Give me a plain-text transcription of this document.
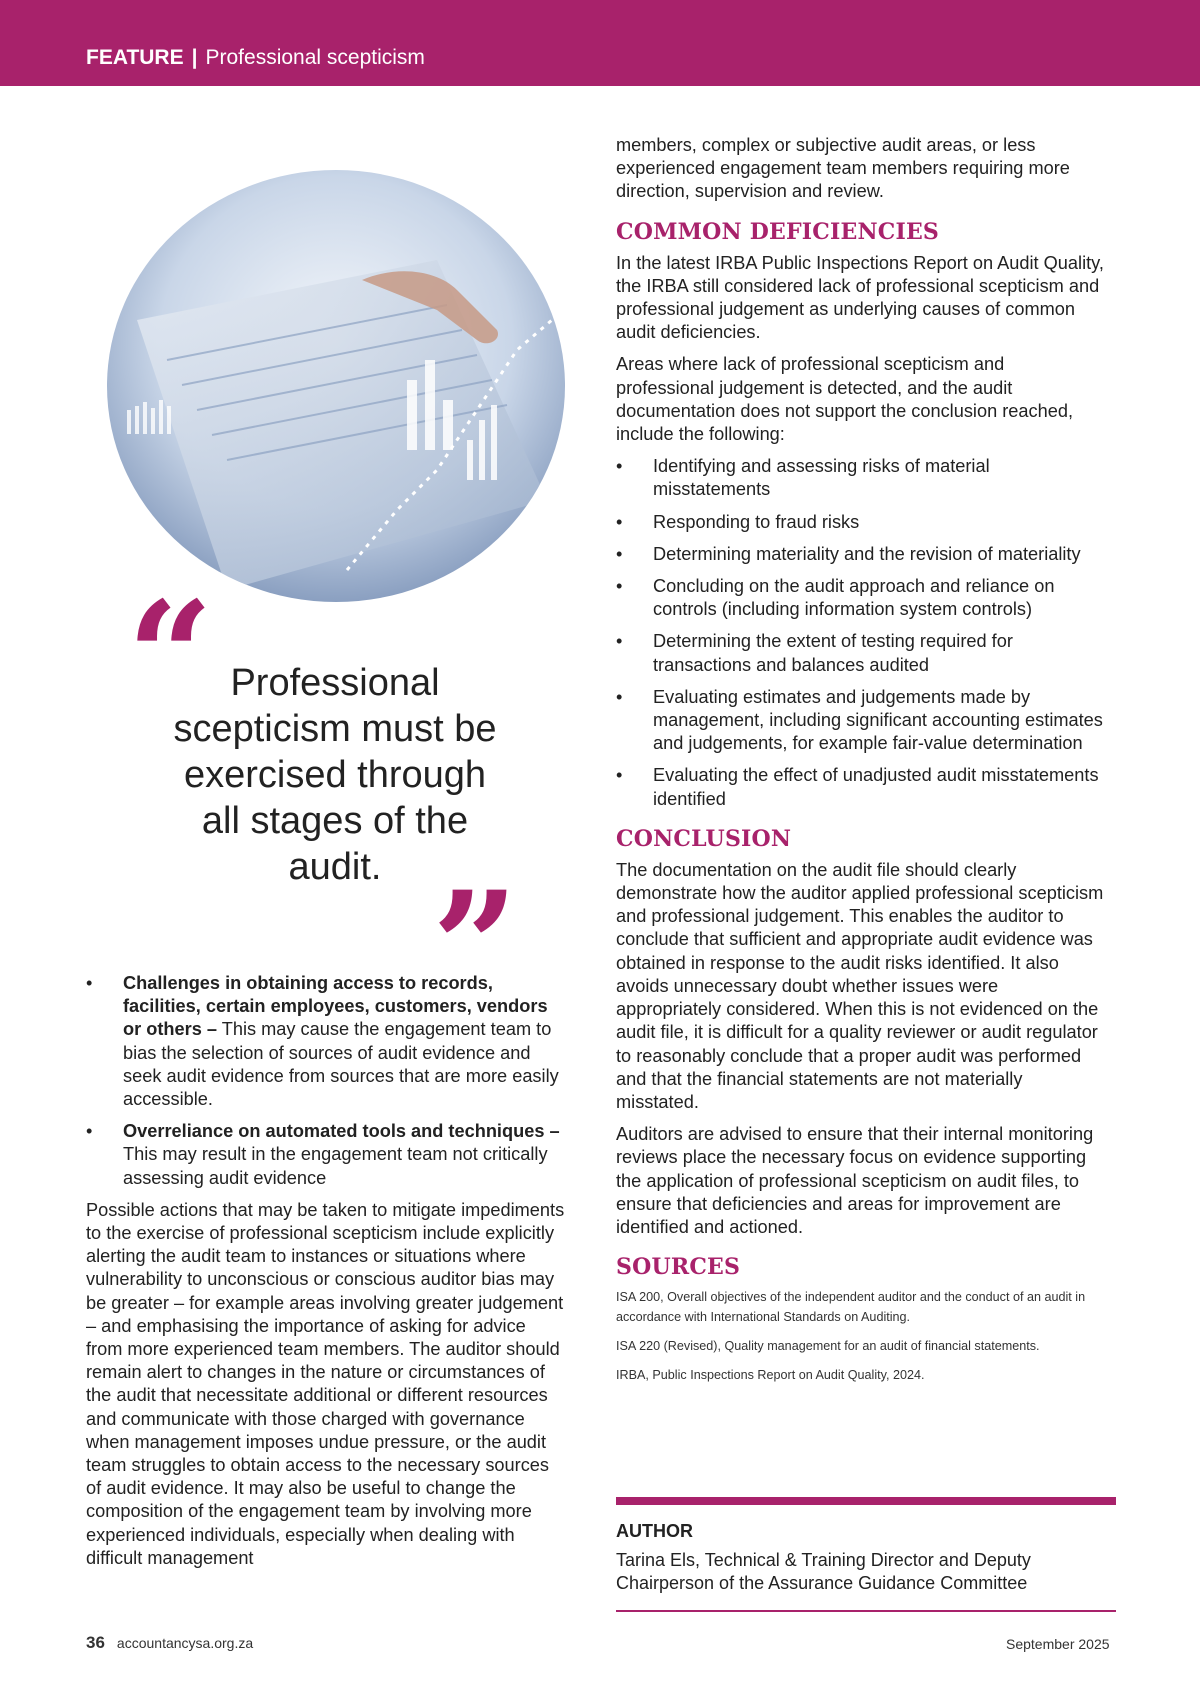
FEATURE | Professional scepticism
“ Professional scepticism must be exercised through all stages of the audit. ”
• Challenges in obtaining access to records, facilities, certain employees, customers, vendors or others – This may cause the engagement team to bias the selection of sources of audit evidence and seek audit evidence from sources that are more easily accessible.
• Overreliance on automated tools and techniques – This may result in the engagement team not critically assessing audit evidence

Possible actions that may be taken to mitigate impediments to the exercise of professional scepticism include explicitly alerting the audit team to instances or situations where vulnerability to unconscious or conscious auditor bias may be greater – for example areas involving greater judgement – and emphasising the importance of asking for advice from more experienced team members. The auditor should remain alert to changes in the nature or circumstances of the audit that necessitate additional or different resources and communicate with those charged with governance when management imposes undue pressure, or the audit team struggles to obtain access to the necessary sources of audit evidence. It may also be useful to change the composition of the engagement team by involving more experienced individuals, especially when dealing with difficult management

members, complex or subjective audit areas, or less experienced engagement team members requiring more direction, supervision and review.

COMMON DEFICIENCIES

In the latest IRBA Public Inspections Report on Audit Quality, the IRBA still considered lack of professional scepticism and professional judgement as underlying causes of common audit deficiencies.

Areas where lack of professional scepticism and professional judgement is detected, and the audit documentation does not support the conclusion reached, include the following:

• Identifying and assessing risks of material misstatements
• Responding to fraud risks
• Determining materiality and the revision of materiality
• Concluding on the audit approach and reliance on controls (including information system controls)
• Determining the extent of testing required for transactions and balances audited
• Evaluating estimates and judgements made by management, including significant accounting estimates and judgements, for example fair-value determination
• Evaluating the effect of unadjusted audit misstatements identified
CONCLUSION

The documentation on the audit file should clearly demonstrate how the auditor applied professional scepticism and professional judgement. This enables the auditor to conclude that sufficient and appropriate audit evidence was obtained in response to the audit risks identified. It also avoids unnecessary doubt whether issues were appropriately considered. When this is not evidenced on the audit file, it is difficult for a quality reviewer or audit regulator to reasonably conclude that a proper audit was performed and that the financial statements are not materially misstated.

Auditors are advised to ensure that their internal monitoring reviews place the necessary focus on evidence supporting the application of professional scepticism on audit files, to ensure that deficiencies and areas for improvement are identified and actioned.

SOURCES

ISA 200, Overall objectives of the independent auditor and the conduct of an audit in accordance with International Standards on Auditing.

ISA 220 (Revised), Quality management for an audit of financial statements.

IRBA, Public Inspections Report on Audit Quality, 2024.

AUTHOR
Tarina Els, Technical & Training Director and Deputy Chairperson of the Assurance Guidance Committee
36 accountancysa.org.za	September 2025
